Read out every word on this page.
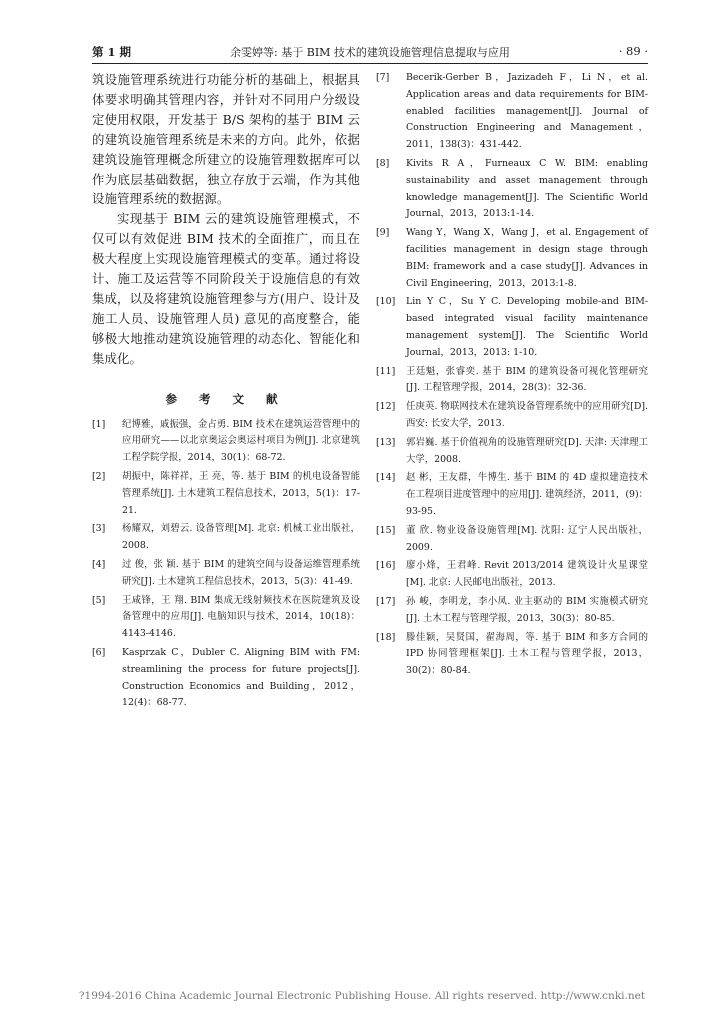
第 1 期	余雯婷等: 基于 BIM 技术的建筑设施管理信息提取与应用	· 89 ·

筑设施管理系统进行功能分析的基础上，根据具体要求明确其管理内容，并针对不同用户分级设定使用权限，开发基于 B/S 架构的基于 BIM 云的建筑设施管理系统是未来的方向。此外，依据建筑设施管理概念所建立的设施管理数据库可以作为底层基础数据，独立存放于云端，作为其他设施管理系统的数据源。

实现基于 BIM 云的建筑设施管理模式，不仅可以有效促进 BIM 技术的全面推广，而且在极大程度上实现设施管理模式的变革。通过将设计、施工及运营等不同阶段关于设施信息的有效集成，以及将建筑设施管理参与方(用户、设计及施工人员、设施管理人员) 意见的高度整合，能够极大地推动建筑设施管理的动态化、智能化和集成化。

参 考 文 献
[1] 纪博雅，戚振强，金占勇. BIM 技术在建筑运营管理中的应用研究——以北京奥运会奥运村项目为例[J]. 北京建筑工程学院学报，2014，30(1)：68-72.
[2] 胡振中，陈祥祥，王 亮，等. 基于 BIM 的机电设备智能管理系统[J]. 土木建筑工程信息技术，2013，5(1)：17-21.
[3] 杨耀双，刘碧云. 设备管理[M]. 北京: 机械工业出版社，2008.
[4] 过 俊，张 颖. 基于 BIM 的建筑空间与设备运维管理系统研究[J]. 土木建筑工程信息技术，2013，5(3)：41-49.
[5] 王咸锋，王 翔. BIM 集成无线射频技术在医院建筑及设备管理中的应用[J]. 电脑知识与技术，2014，10(18)：4143-4146.
[6] Kasprzak C，Dubler C. Aligning BIM with FM: streamlining the process for future projects[J]. Construction Economics and Building，2012，12(4)：68-77.
[7] Becerik-Gerber B，Jazizadeh F，Li N，et al. Application areas and data requirements for BIM-enabled facilities management[J]. Journal of Construction Engineering and Management，2011，138(3)：431-442.
[8] Kivits R A，Furneaux C W. BIM: enabling sustainability and asset management through knowledge management[J]. The Scientific World Journal，2013，2013:1-14.
[9] Wang Y，Wang X，Wang J，et al. Engagement of facilities management in design stage through BIM: framework and a case study[J]. Advances in Civil Engineering，2013，2013:1-8.
[10] Lin Y C，Su Y C. Developing mobile-and BIM-based integrated visual facility maintenance management system[J]. The Scientific World Journal，2013，2013: 1-10.
[11] 王廷魁，张睿奕. 基于 BIM 的建筑设备可视化管理研究[J]. 工程管理学报，2014，28(3)：32-36.
[12] 任庚英. 物联网技术在建筑设备管理系统中的应用研究[D]. 西安: 长安大学，2013.
[13] 郭岩巍. 基于价值视角的设施管理研究[D]. 天津: 天津理工大学，2008.
[14] 赵 彬，王友群，牛博生. 基于 BIM 的 4D 虚拟建造技术在工程项目进度管理中的应用[J]. 建筑经济，2011，(9)：93-95.
[15] 董 欣. 物业设备设施管理[M]. 沈阳: 辽宁人民出版社，2009.
[16] 廖小烽，王君峰. Revit 2013/2014 建筑设计火星课堂[M]. 北京: 人民邮电出版社，2013.
[17] 孙 峻，李明龙，李小凤. 业主驱动的 BIM 实施模式研究[J]. 土木工程与管理学报，2013，30(3)：80-85.
[18] 滕佳颖，吴贤国，翟海周，等. 基于 BIM 和多方合同的 IPD 协同管理框架[J]. 土木工程与管理学报，2013，30(2)：80-84.
?1994-2016 China Academic Journal Electronic Publishing House. All rights reserved. http://www.cnki.net
